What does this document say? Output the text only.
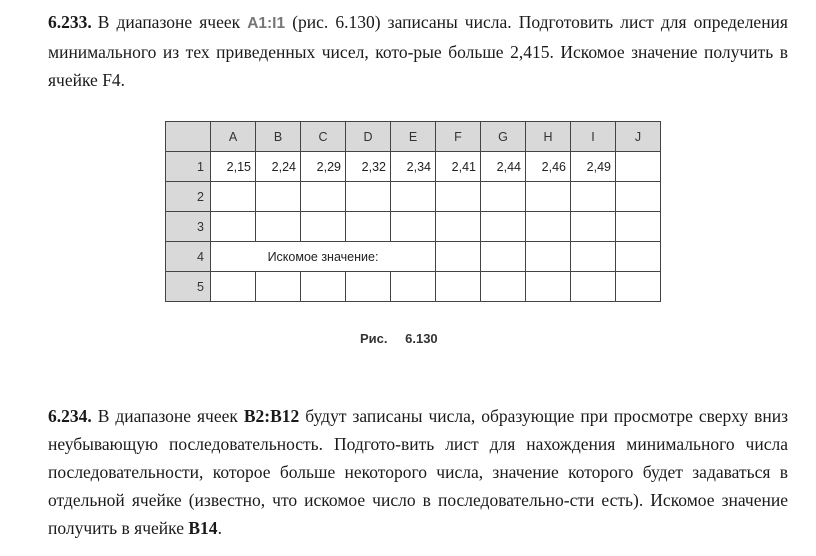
6.233. В диапазоне ячеек A1:I1 (рис. 6.130) записаны числа. Подготовить лист для определения минимального из тех приведенных чисел, кото-рые больше 2,415. Искомое значение получить в ячейке F4.
	A	B	C	D	E	F	G	H	I	J
1	2,15	2,24	2,29	2,32	2,34	2,41	2,44	2,46	2,49	
2										
3										
4	Искомое значение:									
5										
Рис. 6.130
6.234. В диапазоне ячеек B2:B12 будут записаны числа, образующие при просмотре сверху вниз неубывающую последовательность. Подгото-вить лист для нахождения минимального числа последовательности, которое больше некоторого числа, значение которого будет задаваться в отдельной ячейке (известно, что искомое число в последовательно-сти есть). Искомое значение получить в ячейке B14.
